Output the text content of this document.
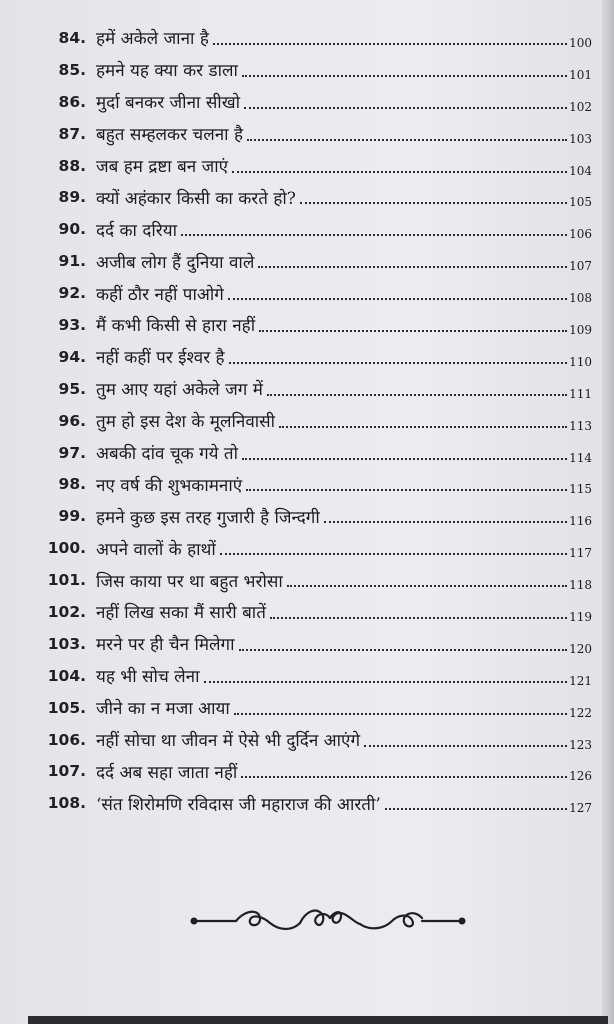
84. हमें अकेले जाना है	100
85. हमने यह क्या कर डाला	101
86. मुर्दा बनकर जीना सीखो	102
87. बहुत सम्हलकर चलना है	103
88. जब हम द्रष्टा बन जाएं	104
89. क्यों अहंकार किसी का करते हो?	105
90. दर्द का दरिया	106
91. अजीब लोग हैं दुनिया वाले	107
92. कहीं ठौर नहीं पाओगे	108
93. मैं कभी किसी से हारा नहीं	109
94. नहीं कहीं पर ईश्वर है	110
95. तुम आए यहां अकेले जग में	111
96. तुम हो इस देश के मूलनिवासी	113
97. अबकी दांव चूक गये तो	114
98. नए वर्ष की शुभकामनाएं	115
99. हमने कुछ इस तरह गुजारी है जिन्दगी	116
100. अपने वालों के हाथों	117
101. जिस काया पर था बहुत भरोसा	118
102. नहीं लिख सका मैं सारी बातें	119
103. मरने पर ही चैन मिलेगा	120
104. यह भी सोच लेना	121
105. जीने का न मजा आया	122
106. नहीं सोचा था जीवन में ऐसे भी दुर्दिन आएंगे	123
107. दर्द अब सहा जाता नहीं	126
108. ‘संत शिरोमणि रविदास जी महाराज की आरती’	127
